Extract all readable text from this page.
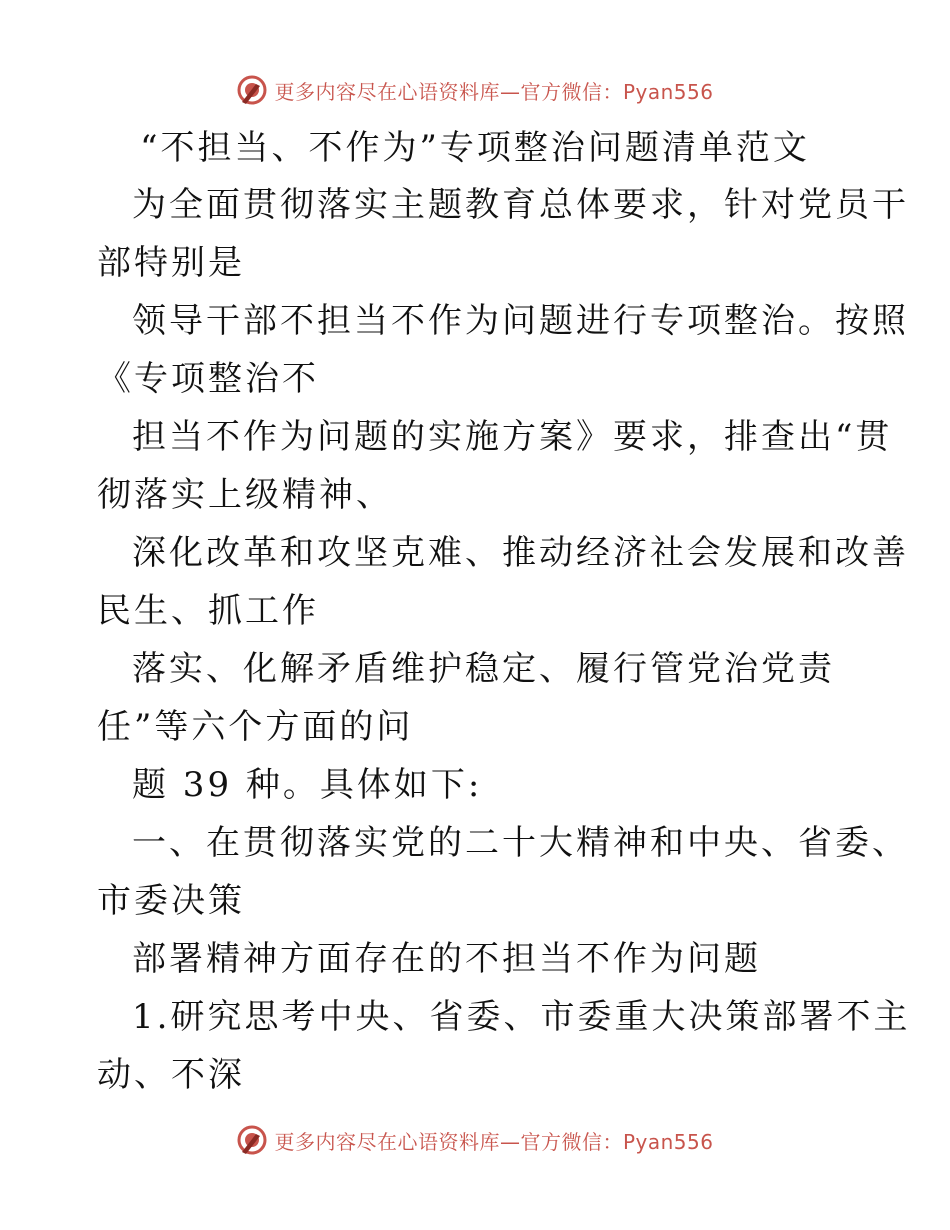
更多内容尽在心语资料库—官方微信：Pyan556
“不担当、不作为”专项整治问题清单范文
为全面贯彻落实主题教育总体要求，针对党员干
部特别是
领导干部不担当不作为问题进行专项整治。按照
《专项整治不
担当不作为问题的实施方案》要求，排查出“贯
彻落实上级精神、
深化改革和攻坚克难、推动经济社会发展和改善
民生、抓工作
落实、化解矛盾维护稳定、履行管党治党责
任”等六个方面的问
题 39 种。具体如下:
一、在贯彻落实党的二十大精神和中央、省委、
市委决策
部署精神方面存在的不担当不作为问题
1.研究思考中央、省委、市委重大决策部署不主
动、不深
更多内容尽在心语资料库—官方微信：Pyan556
